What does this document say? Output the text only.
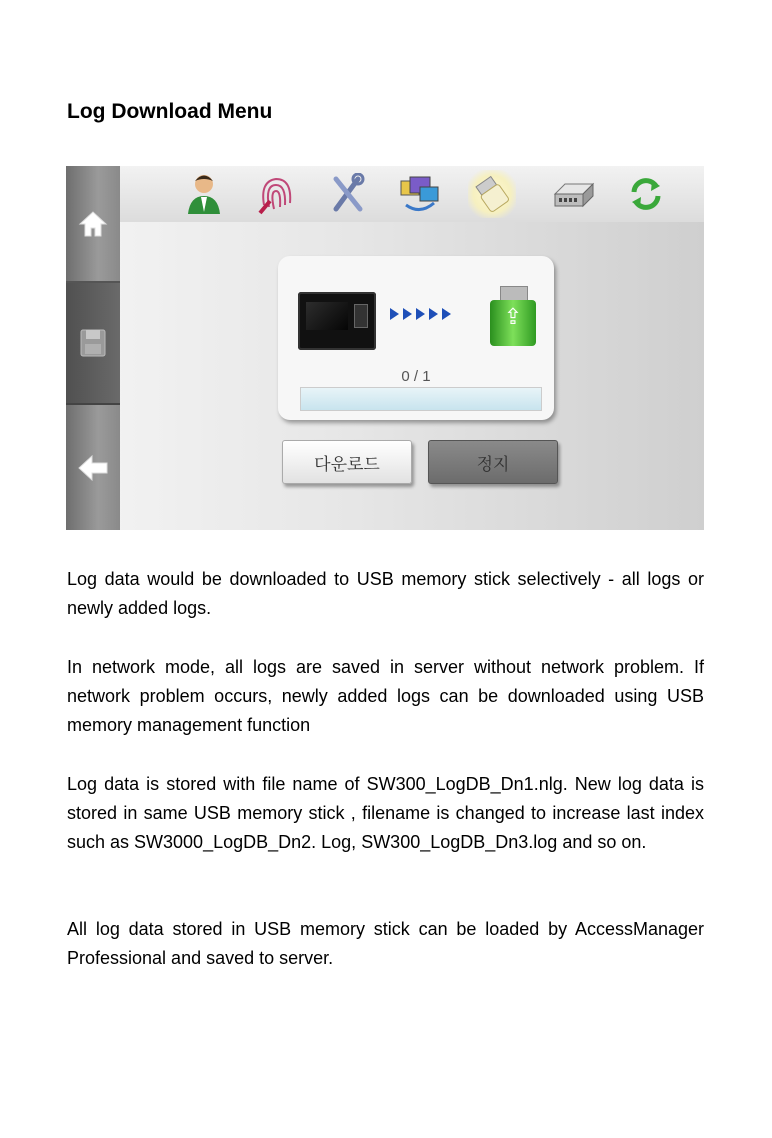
Log Download Menu
⇪
0 / 1
다운로드	정지

Log data would be downloaded to USB memory stick selectively - all logs or newly added logs.

In network mode, all logs are saved in server without network problem. If network problem occurs, newly added logs can be downloaded using USB memory management function

Log data is stored with file name of SW300_LogDB_Dn1.nlg. New log data is stored in same USB memory stick , filename is changed to increase last index such as SW3000_LogDB_Dn2. Log, SW300_LogDB_Dn3.log and so on.

All log data stored in USB memory stick can be loaded by AccessManager Professional and saved to server.
